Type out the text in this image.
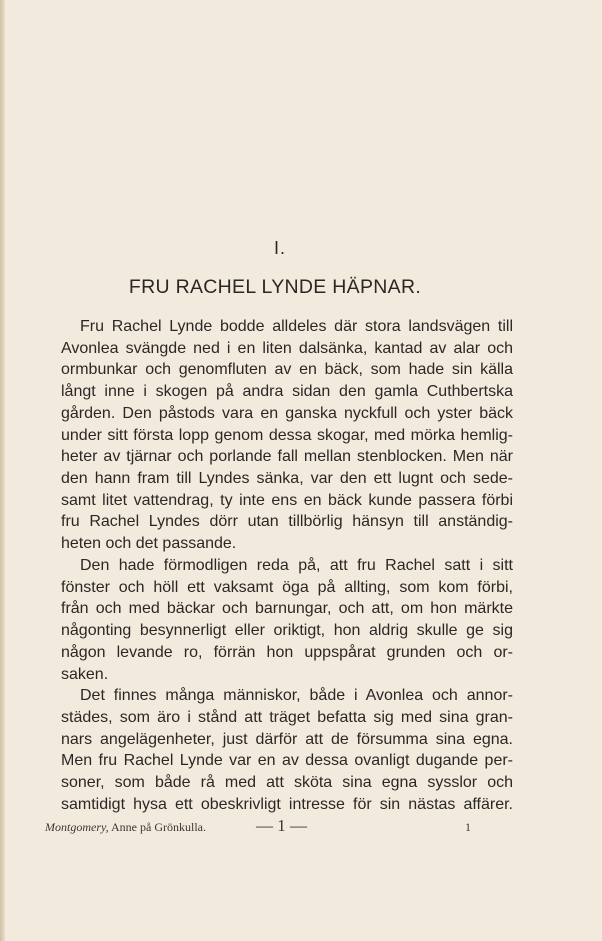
I.
FRU RACHEL LYNDE HÄPNAR.
Fru Rachel Lynde bodde alldeles där stora landsvägen till
Avonlea svängde ned i en liten dalsänka, kantad av alar och
ormbunkar och genomfluten av en bäck, som hade sin källa
långt inne i skogen på andra sidan den gamla Cuthbertska
gården. Den påstods vara en ganska nyckfull och yster bäck
under sitt första lopp genom dessa skogar, med mörka hemlig-
heter av tjärnar och porlande fall mellan stenblocken. Men när
den hann fram till Lyndes sänka, var den ett lugnt och sede-
samt litet vattendrag, ty inte ens en bäck kunde passera förbi
fru Rachel Lyndes dörr utan tillbörlig hänsyn till anständig-
heten och det passande.
Den hade förmodligen reda på, att fru Rachel satt i sitt
fönster och höll ett vaksamt öga på allting, som kom förbi,
från och med bäckar och barnungar, och att, om hon märkte
någonting besynnerligt eller oriktigt, hon aldrig skulle ge sig
någon levande ro, förrän hon uppspårat grunden och or-
saken.
Det finnes många människor, både i Avonlea och annor-
städes, som äro i stånd att träget befatta sig med sina gran-
nars angelägenheter, just därför att de försumma sina egna.
Men fru Rachel Lynde var en av dessa ovanligt dugande per-
soner, som både rå med att sköta sina egna sysslor och
samtidigt hysa ett obeskrivligt intresse för sin nästas affärer.
Montgomery, Anne på Grönkulla.	— 1 —	1
